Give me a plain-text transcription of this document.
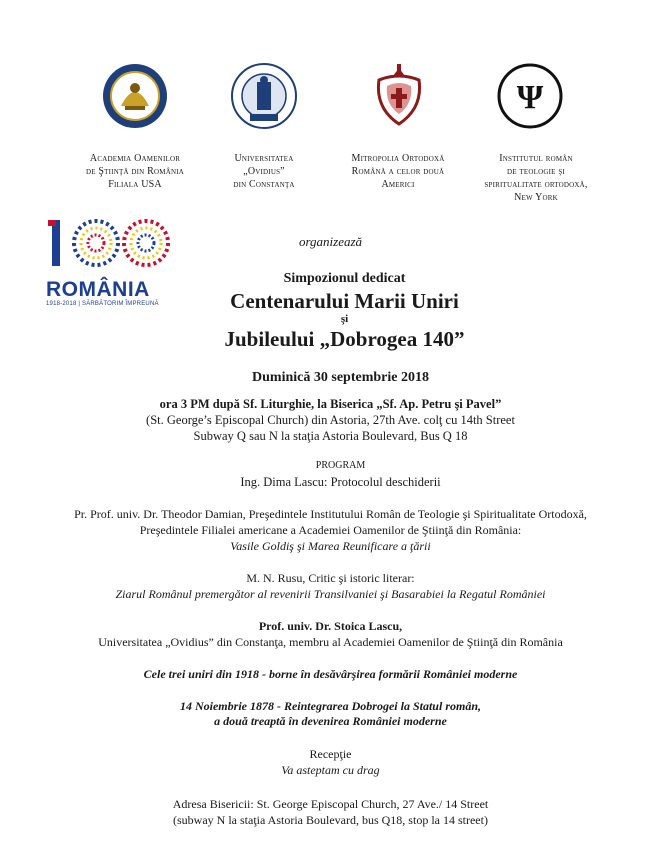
Ψ
Academia Oamenilor
de Ştiinţă din România
Filiala USA
Universitatea
„Ovidius”
din Constanţa
Mitropolia Ortodoxă
Română a celor două
Americi
Institutul român
de teologie şi
spiritualitate ortodoxă,
New York
ROMÂNIA
1918-2018 | SĂRBĂTORIM ÎMPREUNĂ
organizează
Simpozionul dedicat
Centenarului Marii Uniri
şi
Jubileului „Dobrogea 140”
Duminică 30 septembrie 2018
ora 3 PM după Sf. Liturghie, la Biserica „Sf. Ap. Petru şi Pavel”
(St. George’s Episcopal Church) din Astoria, 27th Ave. colţ cu 14th Street
Subway Q sau N la staţia Astoria Boulevard, Bus Q 18
PROGRAM
Ing. Dima Lascu: Protocolul deschiderii
Pr. Prof. univ. Dr. Theodor Damian, Preşedintele Institutului Român de Teologie şi Spiritualitate Ortodoxă,
Preşedintele Filialei americane a Academiei Oamenilor de Ştiinţă din România:
Vasile Goldiş şi Marea Reunificare a ţării
M. N. Rusu, Critic şi istoric literar:
Ziarul Românul premergător al revenirii Transilvaniei şi Basarabiei la Regatul României
Prof. univ. Dr. Stoica Lascu,
Universitatea „Ovidius” din Constanţa, membru al Academiei Oamenilor de Ştiinţă din România
Cele trei uniri din 1918 - borne în desăvârşirea formării României moderne
14 Noiembrie 1878 - Reintegrarea Dobrogei la Statul român,
a două treaptă în devenirea României moderne
Recepţie
Va asteptam cu drag
Adresa Bisericii: St. George Episcopal Church, 27 Ave./ 14 Street
(subway N la staţia Astoria Boulevard, bus Q18, stop la 14 street)
